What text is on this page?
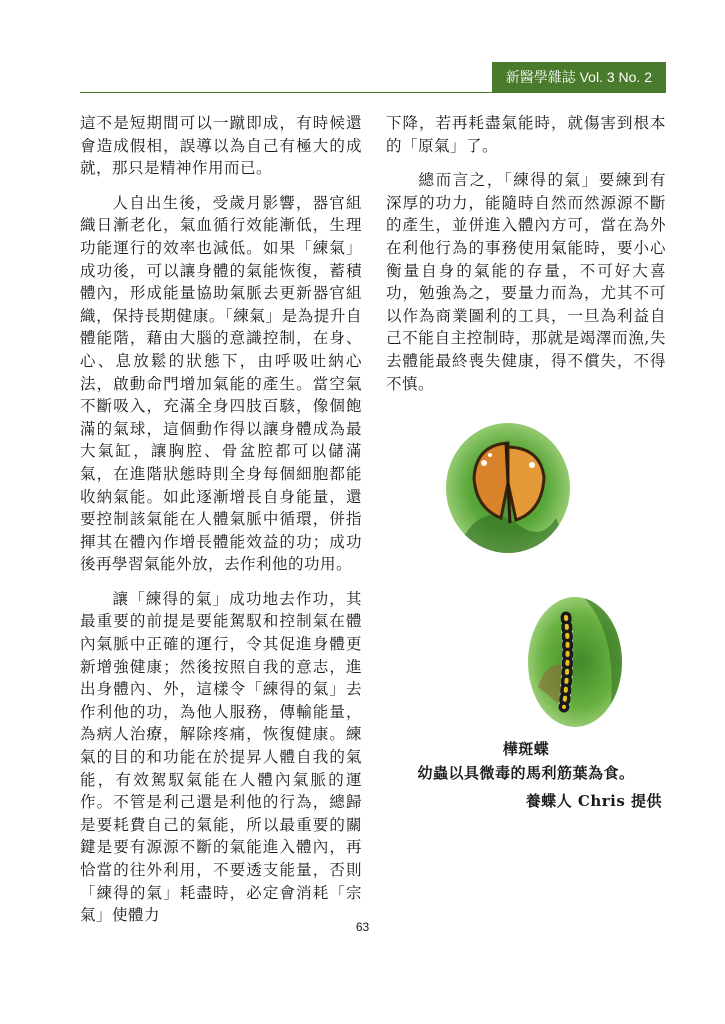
新醫學雜誌 Vol. 3 No. 2

這不是短期間可以一蹴即成，有時候還會造成假相，誤導以為自己有極大的成就，那只是精神作用而已。

人自出生後，受歲月影響，器官組織日漸老化，氣血循行效能漸低，生理功能運行的效率也減低。如果「練氣」成功後，可以讓身體的氣能恢復，蓄積體內，形成能量協助氣脈去更新器官組織，保持長期健康。「練氣」是為提升自體能階，藉由大腦的意識控制，在身、心、息放鬆的狀態下，由呼吸吐納心法，啟動命門增加氣能的產生。當空氣不斷吸入，充滿全身四肢百駭，像個飽滿的氣球，這個動作得以讓身體成為最大氣缸，讓胸腔、骨盆腔都可以儲滿氣，在進階狀態時則全身每個細胞都能收納氣能。如此逐漸增長自身能量，還要控制該氣能在人體氣脈中循環，併指揮其在體內作增長體能效益的功；成功後再學習氣能外放，去作利他的功用。

讓「練得的氣」成功地去作功，其最重要的前提是要能駕馭和控制氣在體內氣脈中正確的運行，令其促進身體更新增強健康；然後按照自我的意志，進出身體內、外，這樣令「練得的氣」去作利他的功，為他人服務，傳輸能量，為病人治療，解除疼痛，恢復健康。練氣的目的和功能在於提昇人體自我的氣能，有效駕馭氣能在人體內氣脈的運作。不管是利己還是利他的行為，總歸是要耗費自己的氣能，所以最重要的關鍵是要有源源不斷的氣能進入體內，再恰當的往外利用，不要透支能量，否則「練得的氣」耗盡時，必定會消耗「宗氣」使體力

下降，若再耗盡氣能時，就傷害到根本的「原氣」了。

總而言之，「練得的氣」要練到有深厚的功力，能隨時自然而然源源不斷的產生，並併進入體內方可，當在為外在利他行為的事務使用氣能時，要小心衡量自身的氣能的存量，不可好大喜功，勉強為之，要量力而為，尤其不可以作為商業圖利的工具，一旦為利益自己不能自主控制時，那就是竭澤而漁,失去體能最終喪失健康，得不償失，不得不慎。

樺斑蝶
幼蟲以具微毒的馬利筋葉為食。
養蝶人 Chris 提供
63
